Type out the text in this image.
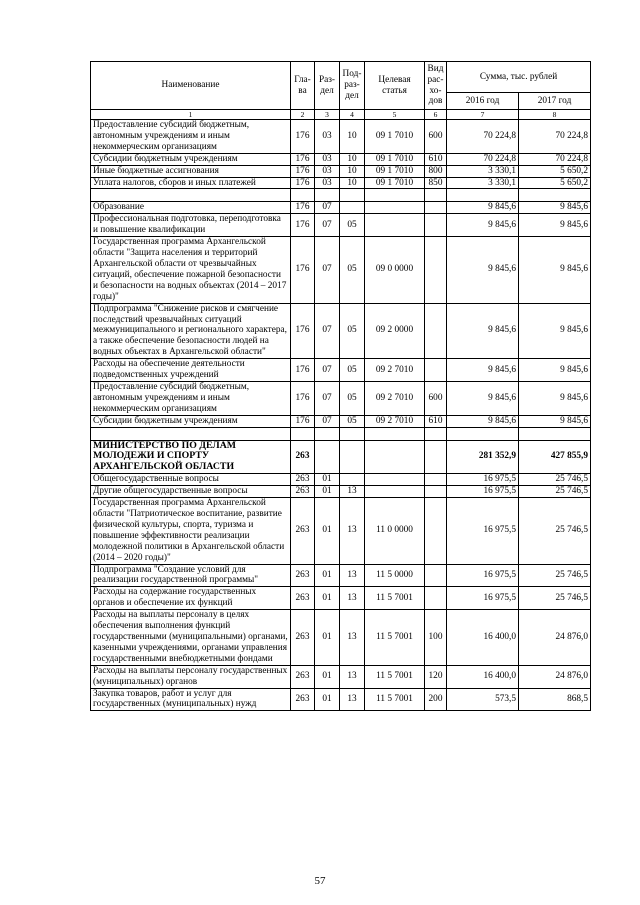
Наименование	Гла-ва	Раз-дел	Под-раз-дел	Целевая статья	Вид рас-хо-дов	Сумма, тыс. рублей	
						2016 год	2017 год
1	2	3	4	5	6	7	8
Предоставление субсидий бюджетным, автономным учреждениям и иным некоммерческим организациям	176	03	10	09 1 7010	600	70 224,8	70 224,8
Субсидии бюджетным учреждениям	176	03	10	09 1 7010	610	70 224,8	70 224,8
Иные бюджетные ассигнования	176	03	10	09 1 7010	800	3 330,1	5 650,2
Уплата налогов, сборов и иных платежей	176	03	10	09 1 7010	850	3 330,1	5 650,2

Образование	176	07				9 845,6	9 845,6
Профессиональная подготовка, переподготовка и повышение квалификации	176	07	05			9 845,6	9 845,6
Государственная программа Архангельской области "Защита населения и территорий Архангельской области от чрезвычайных ситуаций, обеспечение пожарной безопасности и безопасности на водных объектах (2014 – 2017 годы)"	176	07	05	09 0 0000		9 845,6	9 845,6
Подпрограмма "Снижение рисков и смягчение последствий чрезвычайных ситуаций межмуниципального и регионального характера, а также обеспечение безопасности людей на водных объектах в Архангельской области"	176	07	05	09 2 0000		9 845,6	9 845,6
Расходы на обеспечение деятельности подведомственных учреждений	176	07	05	09 2 7010		9 845,6	9 845,6
Предоставление субсидий бюджетным, автономным учреждениям и иным некоммерческим организациям	176	07	05	09 2 7010	600	9 845,6	9 845,6
Субсидии бюджетным учреждениям	176	07	05	09 2 7010	610	9 845,6	9 845,6

МИНИСТЕРСТВО ПО ДЕЛАМ МОЛОДЕЖИ И СПОРТУ АРХАНГЕЛЬСКОЙ ОБЛАСТИ	263					281 352,9	427 855,9
Общегосударственные вопросы	263	01				16 975,5	25 746,5
Другие общегосударственные вопросы	263	01	13			16 975,5	25 746,5
Государственная программа Архангельской области "Патриотическое воспитание, развитие физической культуры, спорта, туризма и повышение эффективности реализации молодежной политики в Архангельской области (2014 – 2020 годы)"	263	01	13	11 0 0000		16 975,5	25 746,5
Подпрограмма "Создание условий для реализации государственной программы"	263	01	13	11 5 0000		16 975,5	25 746,5
Расходы на содержание государственных органов и обеспечение их функций	263	01	13	11 5 7001		16 975,5	25 746,5
Расходы на выплаты персоналу в целях обеспечения выполнения функций государственными (муниципальными) органами, казенными учреждениями, органами управления государственными внебюджетными фондами	263	01	13	11 5 7001	100	16 400,0	24 876,0
Расходы на выплаты персоналу государственных (муниципальных) органов	263	01	13	11 5 7001	120	16 400,0	24 876,0
Закупка товаров, работ и услуг для государственных (муниципальных) нужд	263	01	13	11 5 7001	200	573,5	868,5
57
